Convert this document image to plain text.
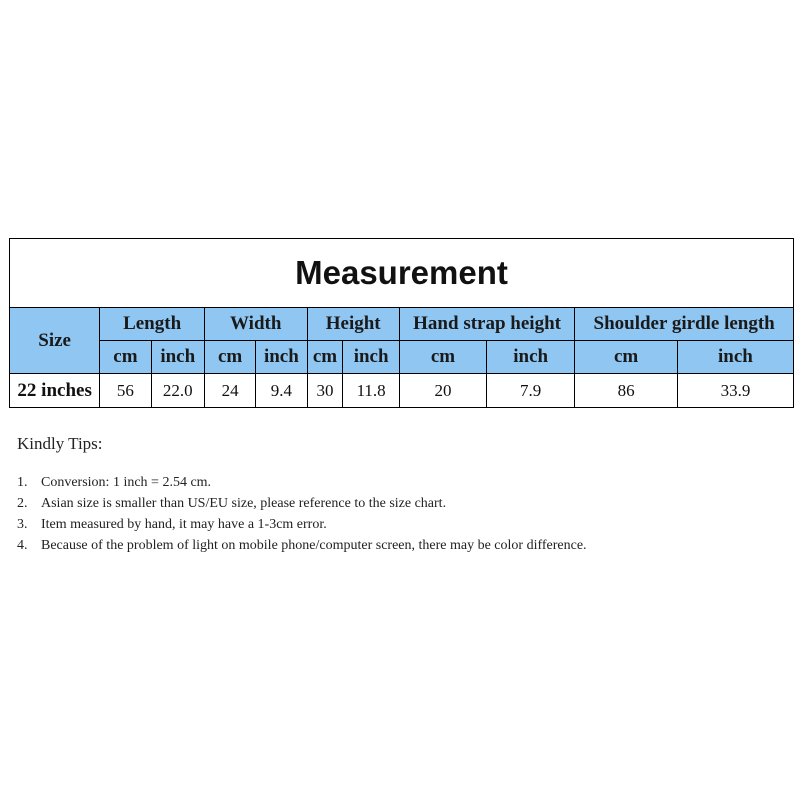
Measurement										
Size	Length		Width		Height		Hand strap height		Shoulder girdle length	
	cm	inch	cm	inch	cm	inch	cm	inch	cm	inch
22 inches	56	22.0	24	9.4	30	11.8	20	7.9	86	33.9
Kindly Tips:
1. Conversion: 1 inch = 2.54 cm.
2. Asian size is smaller than US/EU size, please reference to the size chart.
3. Item measured by hand, it may have a 1-3cm error.
4. Because of the problem of light on mobile phone/computer screen, there may be color difference.
